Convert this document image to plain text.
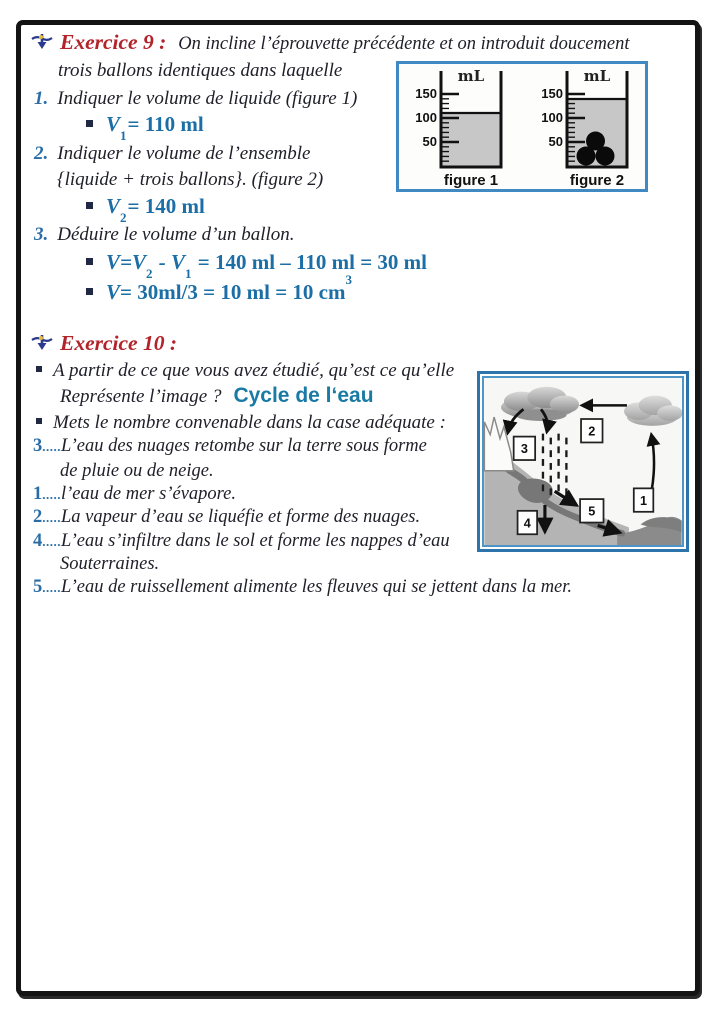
Exercice 9 : On incline l’éprouvette précédente et on introduit doucement
trois ballons identiques dans laquelle
1. Indiquer le volume de liquide (figure 1)
$V_1= 110$ ml
2. Indiquer le volume de l’ensemble
{liquide + trois ballons}. (figure 2)
$V_2= 140$ ml
3. Déduire le volume d’un ballon.
$V=V_2 - V_1 = 140$ ml – 110 ml = 30 ml
V= 30ml/3 = 10 ml = 10 $cm^3$
mL
150
100
50
figure 1
mL
150
100
50
figure 2
Exercice 10 :
A partir de ce que vous avez étudié, qu’est ce qu’elle
Représente l’image ? Cycle de l‘eau
Mets le nombre convenable dans la case adéquate :
3.....L’eau des nuages retombe sur la terre sous forme
de pluie ou de neige.
1.....l’eau de mer s’évapore.
2.....La vapeur d’eau se liquéfie et forme des nuages.
4.....L’eau s’infiltre dans le sol et forme les nappes d’eau
Souterraines.
5.....L’eau de ruissellement alimente les fleuves qui se jettent dans la mer.
2
3
4
5
1
